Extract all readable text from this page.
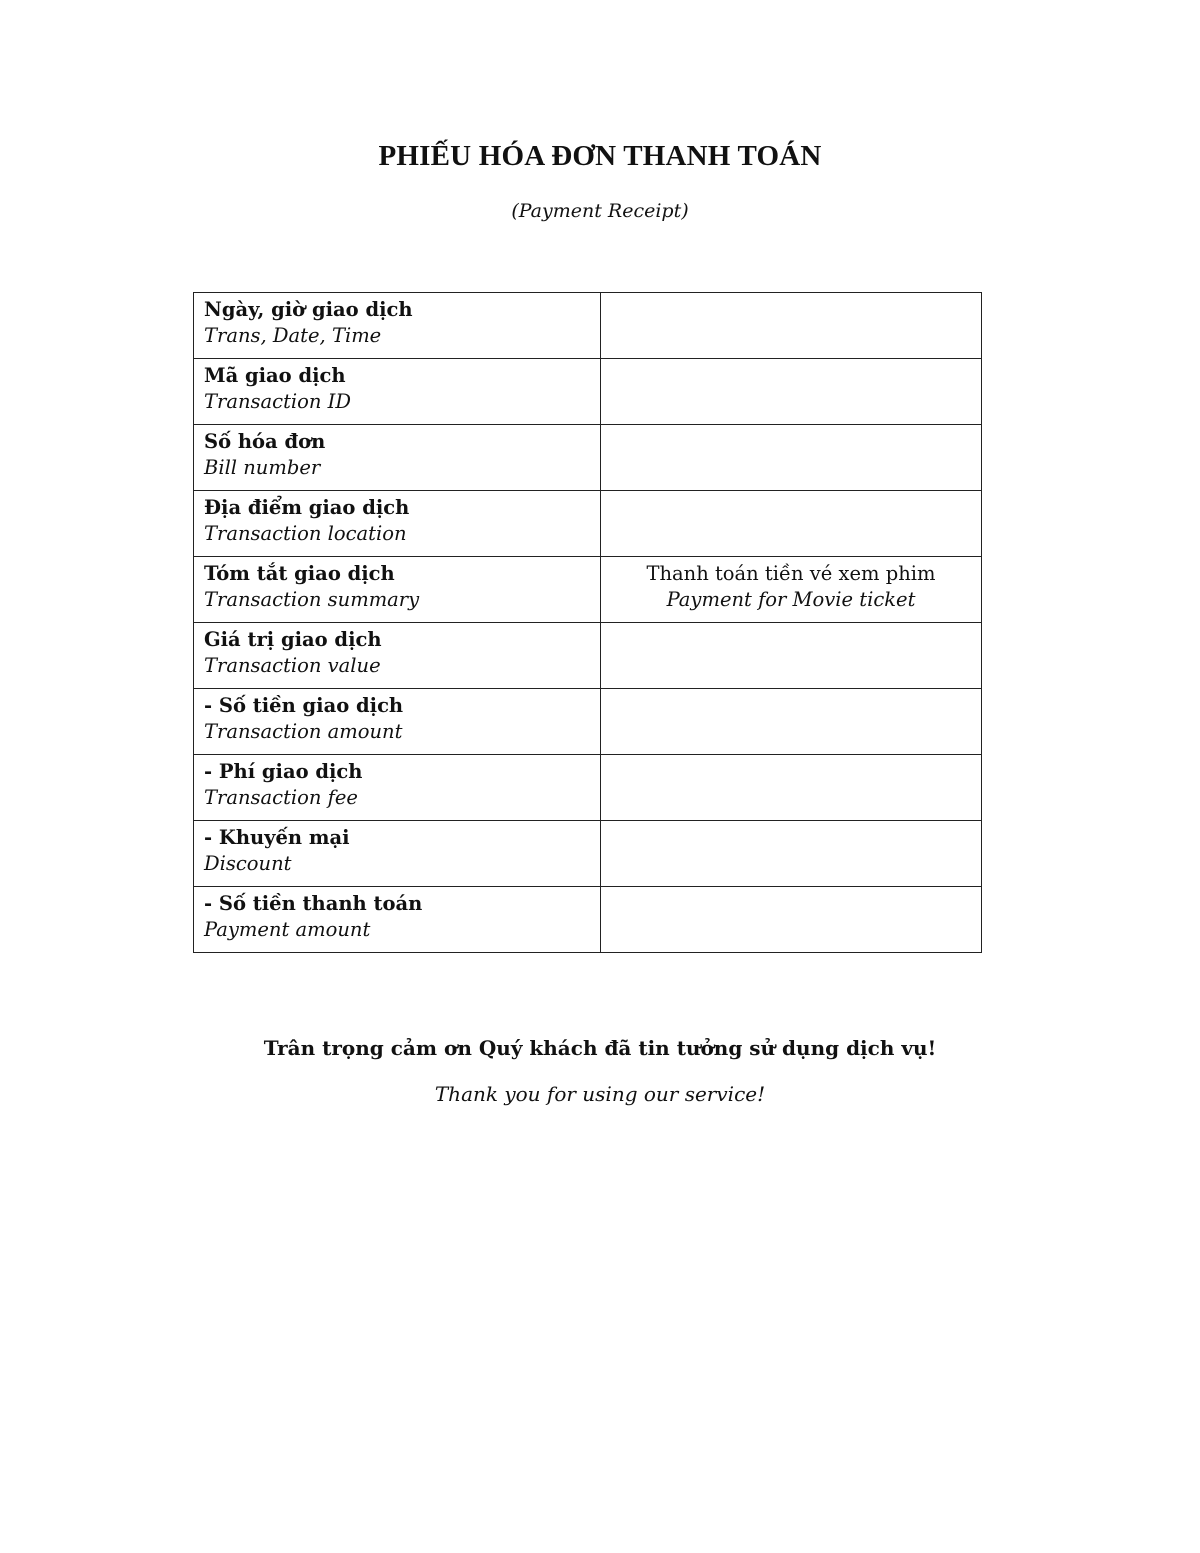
PHIẾU HÓA ĐƠN THANH TOÁN

(Payment Receipt)

Ngày, giờ giao dịch
Trans, Date, Time	

Mã giao dịch
Transaction ID	

Số hóa đơn
Bill number	

Địa điểm giao dịch
Transaction location	

Tóm tắt giao dịch
Transaction summary	Thanh toán tiền vé xem phim
Payment for Movie ticket

Giá trị giao dịch
Transaction value	

- Số tiền giao dịch
Transaction amount	

- Phí giao dịch
Transaction fee	

- Khuyến mại
Discount	

- Số tiền thanh toán
Payment amount	

Trân trọng cảm ơn Quý khách đã tin tưởng sử dụng dịch vụ!

Thank you for using our service!
